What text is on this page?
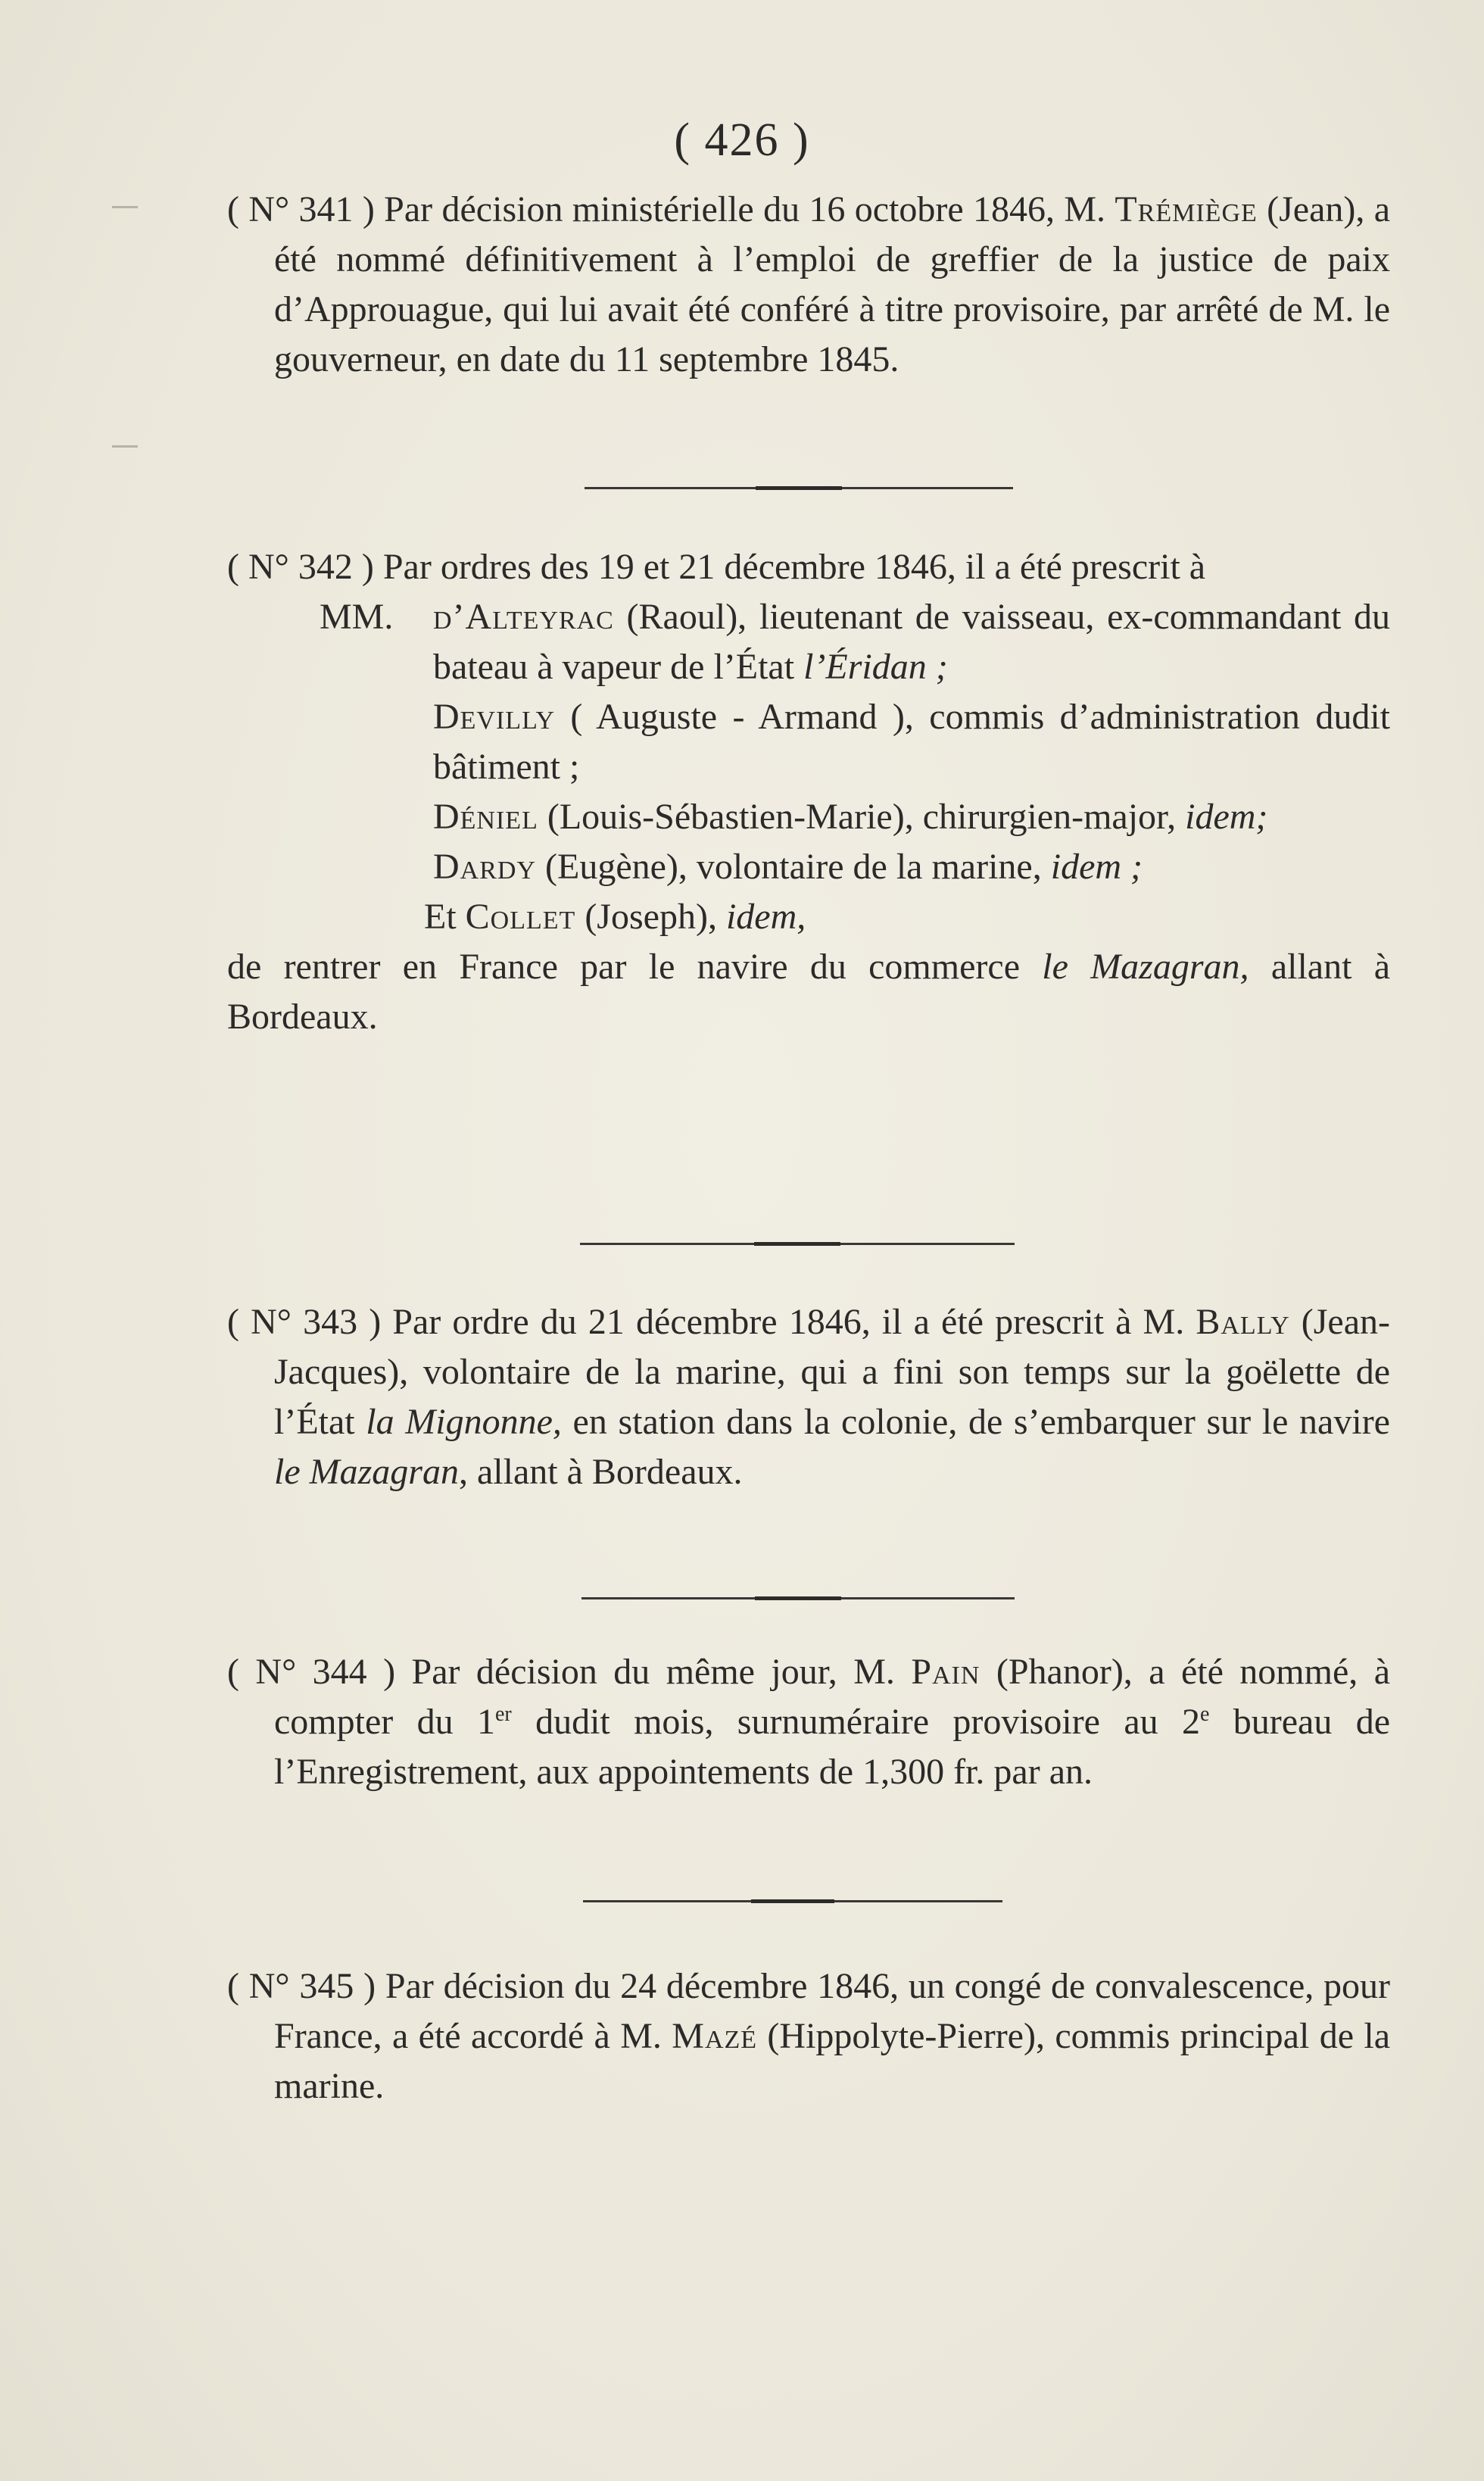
( 426 )

( N° 341 ) Par décision ministérielle du 16 octobre 1846, M. Trémiège (Jean), a été nommé définitivement à l’emploi de greffier de la justice de paix d’Approuague, qui lui avait été conféré à titre provisoire, par arrêté de M. le gouverneur, en date du 11 septembre 1845.

( N° 342 ) Par ordres des 19 et 21 décembre 1846, il a été prescrit à

MM.	d’Alteyrac (Raoul), lieutenant de vaisseau, ex-commandant du bateau à vapeur de l’État l’Éridan ;

Devilly ( Auguste - Armand ), commis d’administration dudit bâtiment ;

Déniel (Louis-Sébastien-Marie), chirurgien-major, idem;

Dardy (Eugène), volontaire de la marine, idem ;

Et Collet (Joseph), idem,

de rentrer en France par le navire du commerce le Mazagran, allant à Bordeaux.

( N° 343 ) Par ordre du 21 décembre 1846, il a été prescrit à M. Bally (Jean-Jacques), volontaire de la marine, qui a fini son temps sur la goëlette de l’État la Mignonne, en station dans la colonie, de s’embarquer sur le navire le Mazagran, allant à Bordeaux.

( N° 344 ) Par décision du même jour, M. Pain (Phanor), a été nommé, à compter du 1er dudit mois, surnuméraire provisoire au 2e bureau de l’Enregistrement, aux appointements de 1,300 fr. par an.

( N° 345 ) Par décision du 24 décembre 1846, un congé de convalescence, pour France, a été accordé à M. Mazé (Hippolyte-Pierre), commis principal de la marine.
